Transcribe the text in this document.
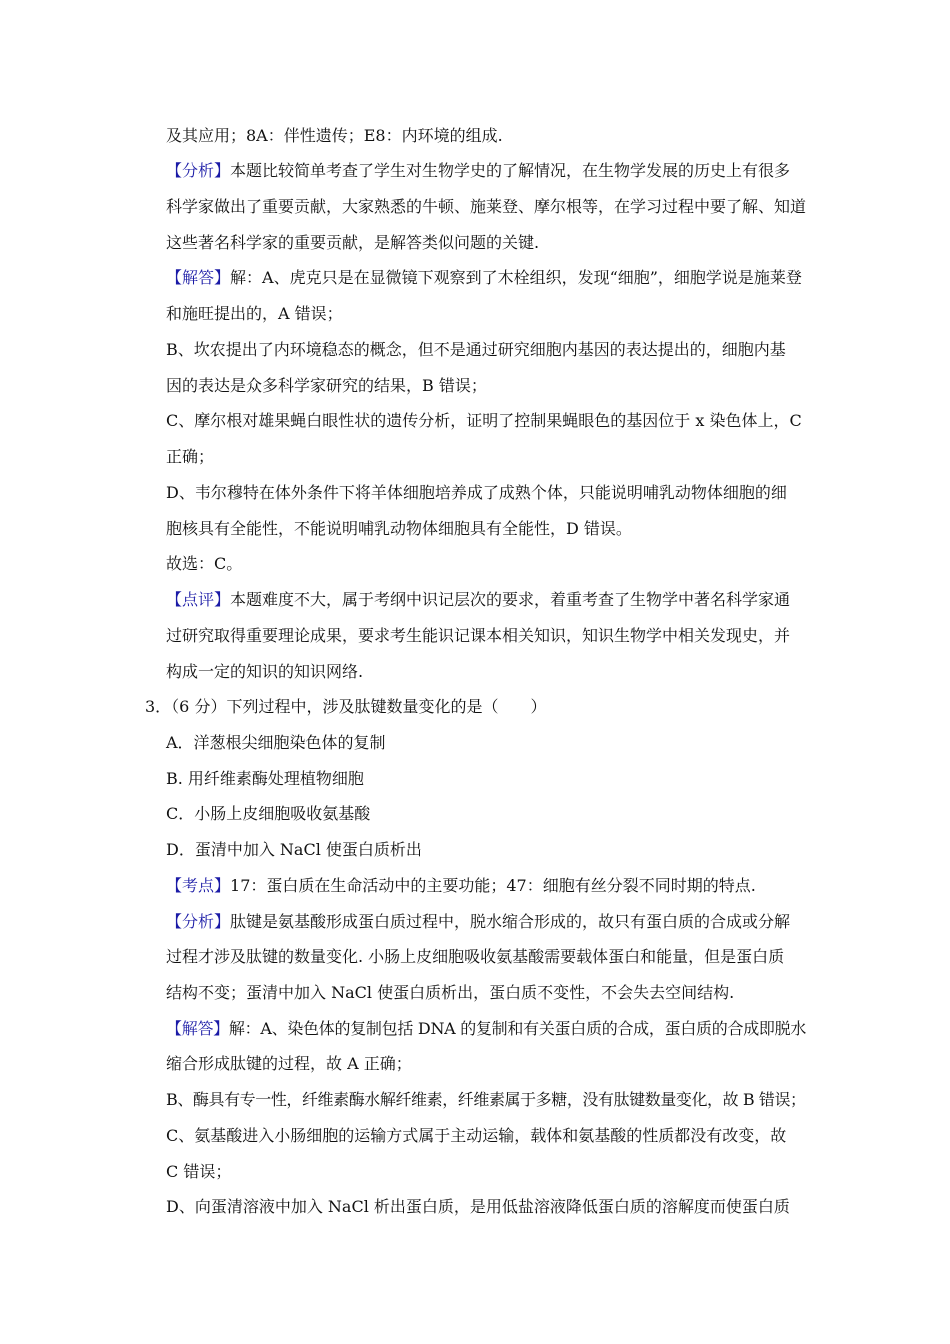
及其应用；8A：伴性遗传；E8：内环境的组成.
【分析】本题比较简单考查了学生对生物学史的了解情况，在生物学发展的历史上有很多
科学家做出了重要贡献，大家熟悉的牛顿、施莱登、摩尔根等，在学习过程中要了解、知道
这些著名科学家的重要贡献，是解答类似问题的关键.
【解答】解：A、虎克只是在显微镜下观察到了木栓组织，发现“细胞”，细胞学说是施莱登
和施旺提出的，A 错误；
B、坎农提出了内环境稳态的概念，但不是通过研究细胞内基因的表达提出的，细胞内基
因的表达是众多科学家研究的结果，B 错误；
C、摩尔根对雄果蝇白眼性状的遗传分析，证明了控制果蝇眼色的基因位于 x 染色体上，C
正确；
D、韦尔穆特在体外条件下将羊体细胞培养成了成熟个体，只能说明哺乳动物体细胞的细
胞核具有全能性，不能说明哺乳动物体细胞具有全能性，D 错误。
故选：C。
【点评】本题难度不大，属于考纲中识记层次的要求，着重考查了生物学中著名科学家通
过研究取得重要理论成果，要求考生能识记课本相关知识，知识生物学中相关发现史，并
构成一定的知识的知识网络.
3．（6 分）下列过程中，涉及肽键数量变化的是（　　）
A．洋葱根尖细胞染色体的复制
B. 用纤维素酶处理植物细胞
C．小肠上皮细胞吸收氨基酸
D．蛋清中加入 NaCl 使蛋白质析出
【考点】17：蛋白质在生命活动中的主要功能；47：细胞有丝分裂不同时期的特点.
【分析】肽键是氨基酸形成蛋白质过程中，脱水缩合形成的，故只有蛋白质的合成或分解
过程才涉及肽键的数量变化. 小肠上皮细胞吸收氨基酸需要载体蛋白和能量，但是蛋白质
结构不变；蛋清中加入 NaCl 使蛋白质析出，蛋白质不变性，不会失去空间结构.
【解答】解：A、染色体的复制包括 DNA 的复制和有关蛋白质的合成，蛋白质的合成即脱水
缩合形成肽键的过程，故 A 正确；
B、酶具有专一性，纤维素酶水解纤维素，纤维素属于多糖，没有肽键数量变化，故 B 错误；
C、氨基酸进入小肠细胞的运输方式属于主动运输，载体和氨基酸的性质都没有改变，故
C 错误；
D、向蛋清溶液中加入 NaCl 析出蛋白质，是用低盐溶液降低蛋白质的溶解度而使蛋白质
